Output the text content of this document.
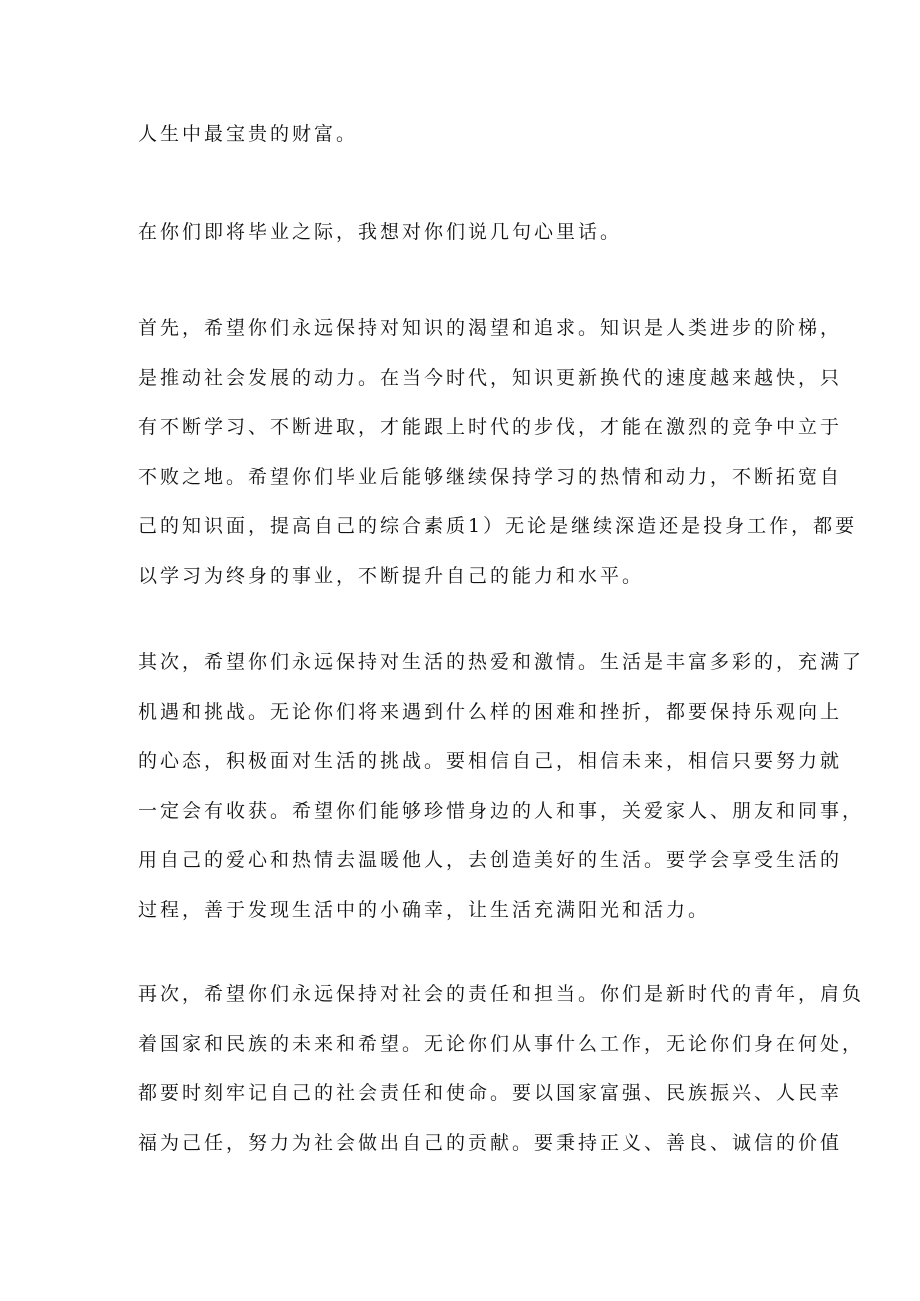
人生中最宝贵的财富。

在你们即将毕业之际，我想对你们说几句心里话。

首先，希望你们永远保持对知识的渴望和追求。知识是人类进步的阶梯，
是推动社会发展的动力。在当今时代，知识更新换代的速度越来越快，只
有不断学习、不断进取，才能跟上时代的步伐，才能在激烈的竞争中立于
不败之地。希望你们毕业后能够继续保持学习的热情和动力，不断拓宽自
己的知识面，提高自己的综合素质1）无论是继续深造还是投身工作，都要
以学习为终身的事业，不断提升自己的能力和水平。

其次，希望你们永远保持对生活的热爱和激情。生活是丰富多彩的，充满了
机遇和挑战。无论你们将来遇到什么样的困难和挫折，都要保持乐观向上
的心态，积极面对生活的挑战。要相信自己，相信未来，相信只要努力就
一定会有收获。希望你们能够珍惜身边的人和事，关爱家人、朋友和同事，
用自己的爱心和热情去温暖他人，去创造美好的生活。要学会享受生活的
过程，善于发现生活中的小确幸，让生活充满阳光和活力。

再次，希望你们永远保持对社会的责任和担当。你们是新时代的青年，肩负
着国家和民族的未来和希望。无论你们从事什么工作，无论你们身在何处，
都要时刻牢记自己的社会责任和使命。要以国家富强、民族振兴、人民幸
福为己任，努力为社会做出自己的贡献。要秉持正义、善良、诚信的价值
